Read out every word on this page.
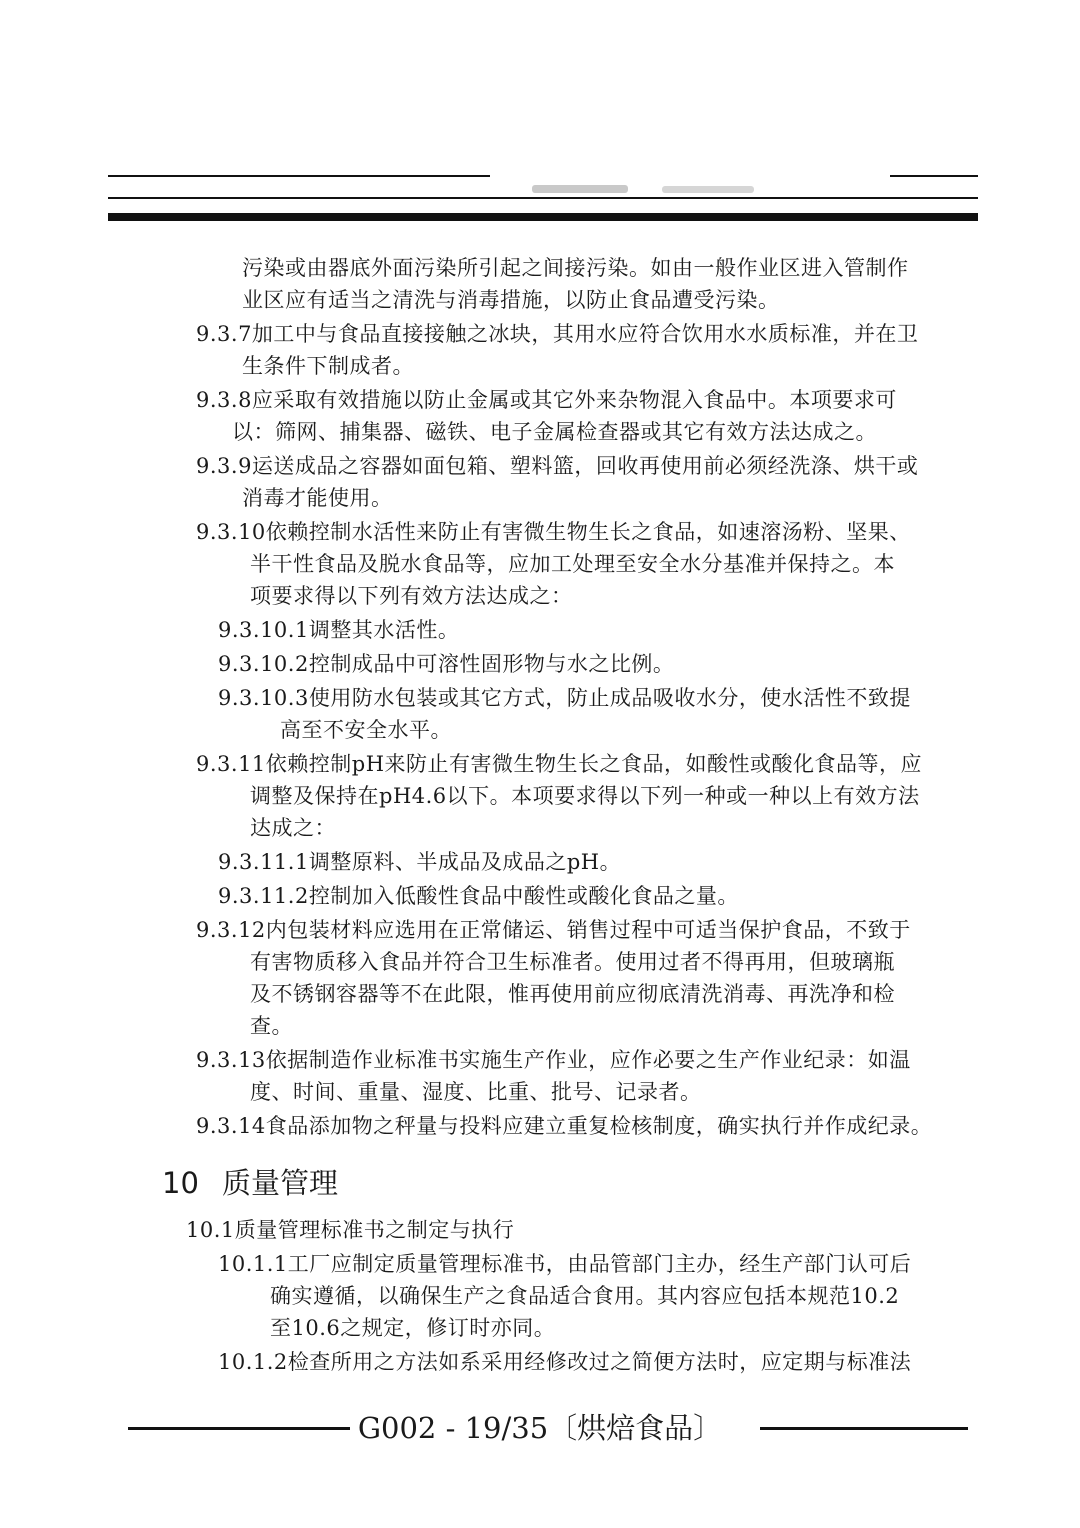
污染或由器底外面污染所引起之间接污染。如由一般作业区进入管制作
业区应有适当之清洗与消毒措施，以防止食品遭受污染。
9.3.7加工中与食品直接接触之冰块，其用水应符合饮用水水质标准，并在卫
生条件下制成者。
9.3.8应采取有效措施以防止金属或其它外来杂物混入食品中。本项要求可
以：筛网、捕集器、磁铁、电子金属检查器或其它有效方法达成之。
9.3.9运送成品之容器如面包箱、塑料篮，回收再使用前必须经洗涤、烘干或
消毒才能使用。
9.3.10依赖控制水活性来防止有害微生物生长之食品，如速溶汤粉、坚果、
半干性食品及脱水食品等，应加工处理至安全水分基准并保持之。本
项要求得以下列有效方法达成之：
9.3.10.1调整其水活性。
9.3.10.2控制成品中可溶性固形物与水之比例。
9.3.10.3使用防水包装或其它方式，防止成品吸收水分，使水活性不致提
高至不安全水平。
9.3.11依赖控制pH来防止有害微生物生长之食品，如酸性或酸化食品等，应
调整及保持在pH4.6以下。本项要求得以下列一种或一种以上有效方法
达成之：
9.3.11.1调整原料、半成品及成品之pH。
9.3.11.2控制加入低酸性食品中酸性或酸化食品之量。
9.3.12内包装材料应选用在正常储运、销售过程中可适当保护食品，不致于
有害物质移入食品并符合卫生标准者。使用过者不得再用，但玻璃瓶
及不锈钢容器等不在此限，惟再使用前应彻底清洗消毒、再洗净和检
查。
9.3.13依据制造作业标准书实施生产作业，应作必要之生产作业纪录：如温
度、时间、重量、湿度、比重、批号、记录者。
9.3.14食品添加物之秤量与投料应建立重复检核制度，确实执行并作成纪录。
10 质量管理
10.1质量管理标准书之制定与执行
10.1.1工厂应制定质量管理标准书，由品管部门主办，经生产部门认可后
确实遵循，以确保生产之食品适合食用。其内容应包括本规范10.2
至10.6之规定，修订时亦同。
10.1.2检查所用之方法如系采用经修改过之简便方法时，应定期与标准法
G002 - 19/35〔烘焙食品〕
